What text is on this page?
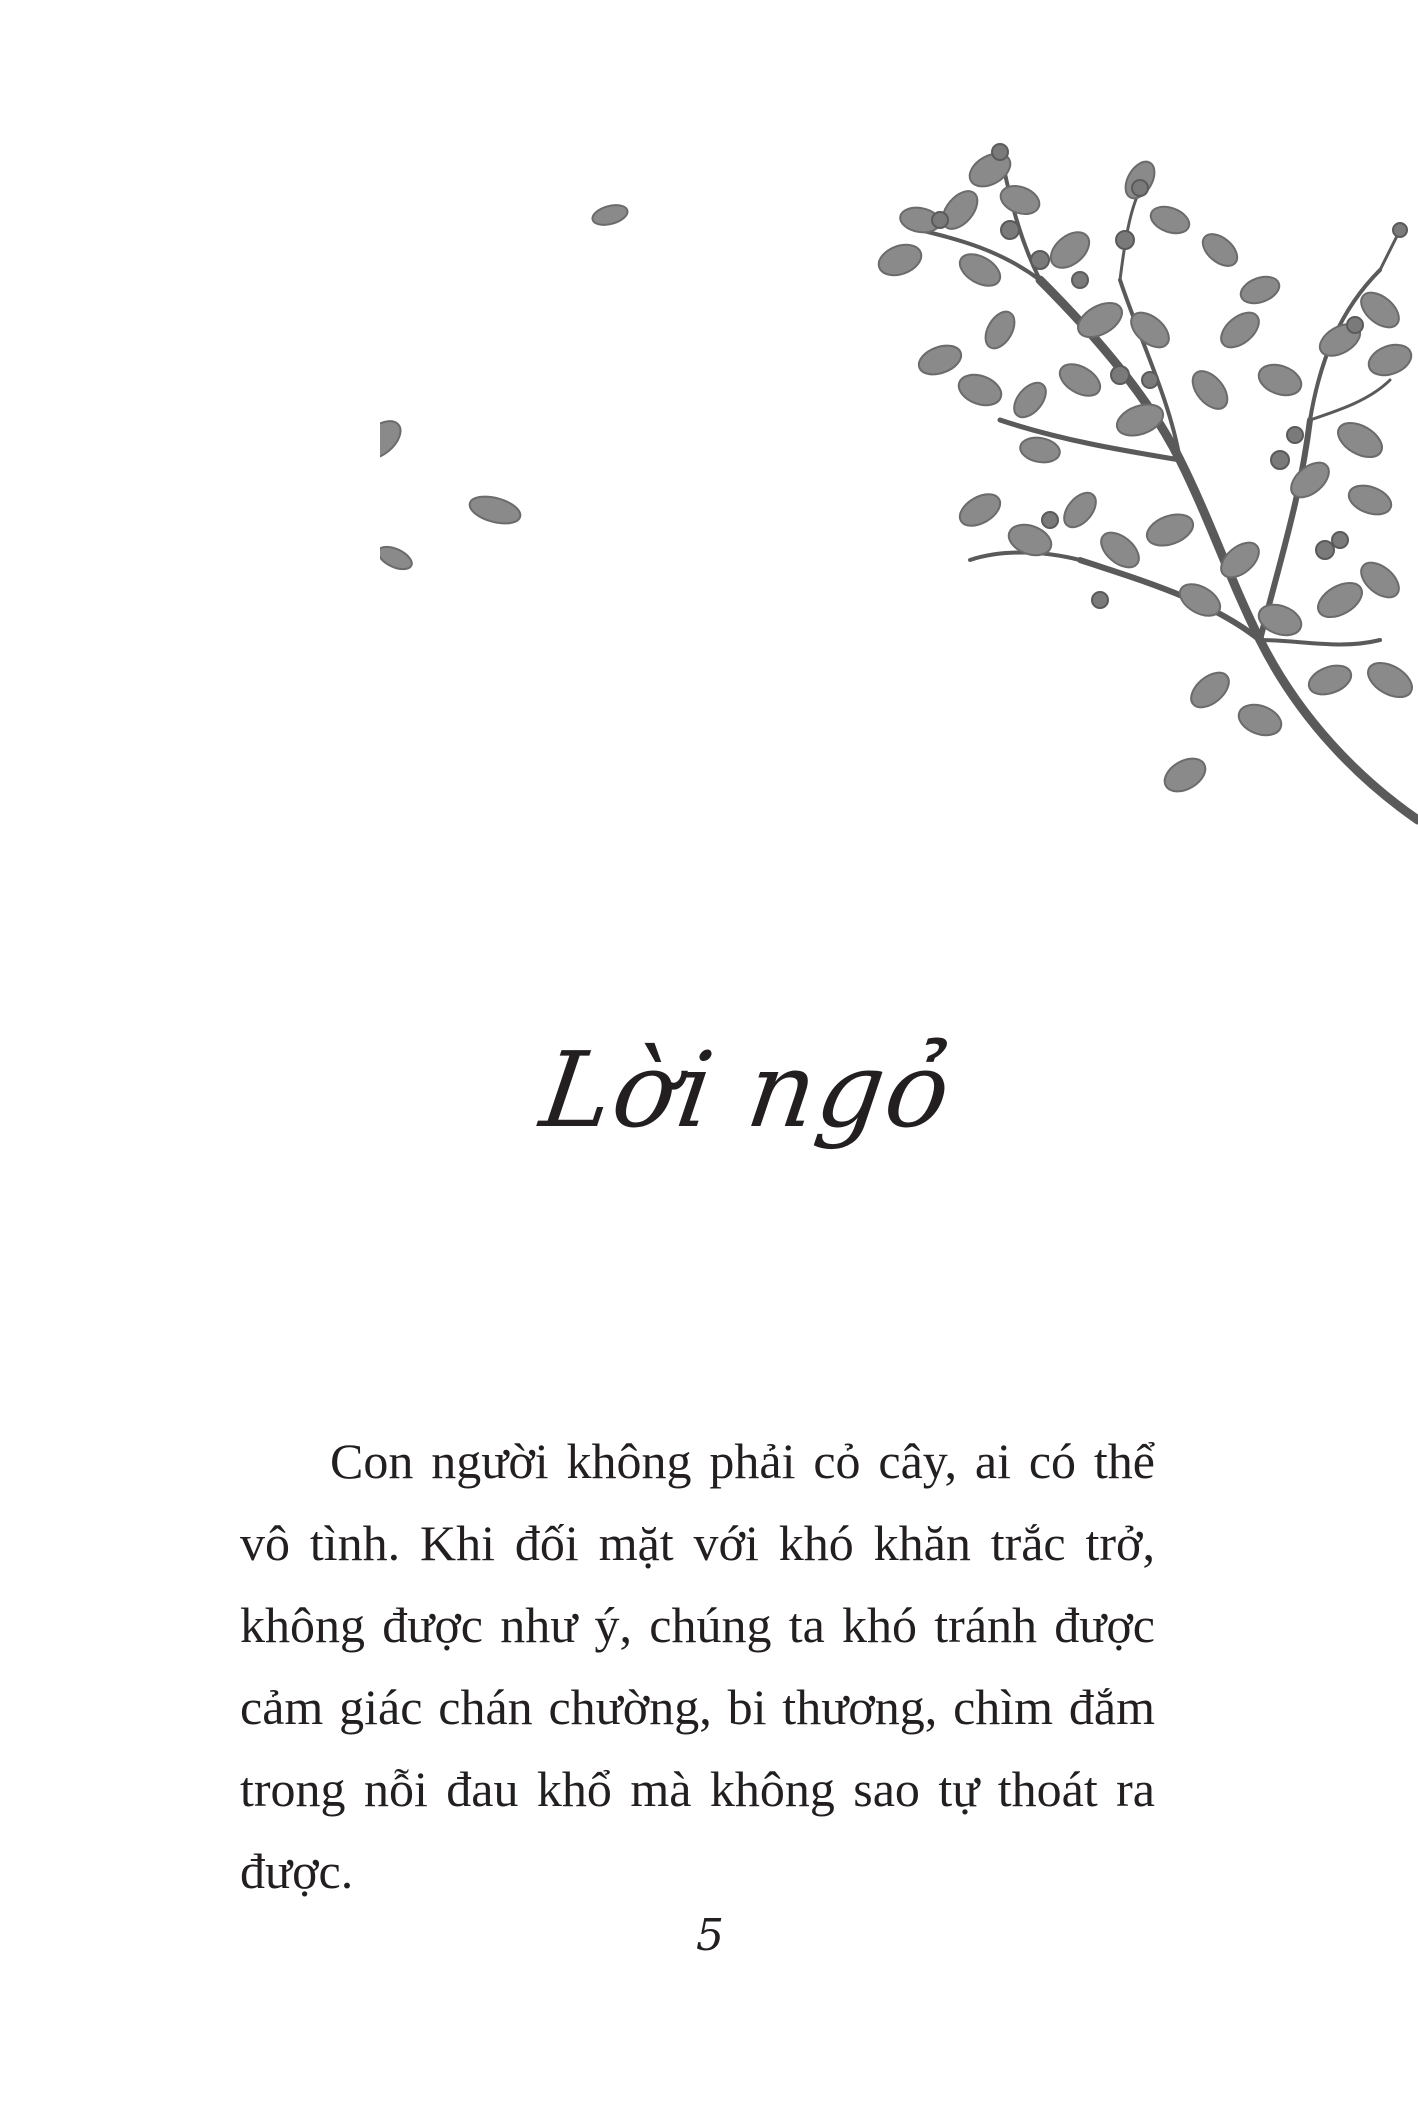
Lời ngỏ

Con người không phải cỏ cây, ai có thể vô tình. Khi đối mặt với khó khăn trắc trở, không được như ý, chúng ta khó tránh được cảm giác chán chường, bi thương, chìm đắm trong nỗi đau khổ mà không sao tự thoát ra được.

5
